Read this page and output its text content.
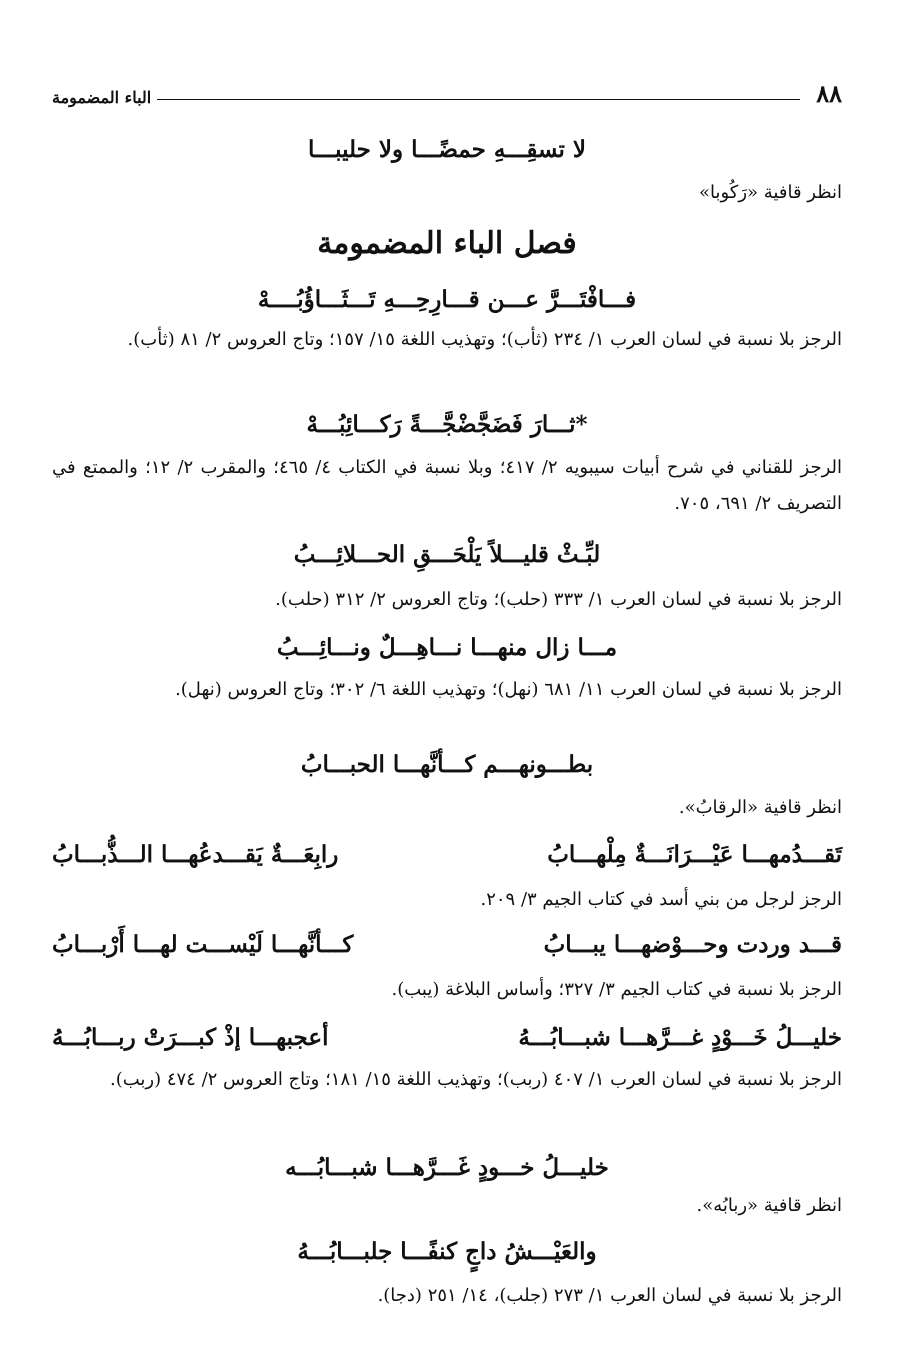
٨٨
الباء المضمومة
لا تسقِـــهِ حمضًـــا ولا حليبـــا
انظر قافية «رَكُوبا»
فصل الباء المضمومة
فـــافْتَـــرَّ عـــن قـــارِحِـــهِ تَـــثَـــاؤُبُــــهْ
الرجز بلا نسبة في لسان العرب ١/ ٢٣٤ (ثأب)؛ وتهذيب اللغة ١٥/ ١٥٧؛ وتاج العروس ٢/ ٨١ (ثأب).
*ثـــارَ فَضَجَّضْجَّـــةً رَكـــائِبُـــهْ
الرجز للقناني في شرح أبيات سيبويه ٢/ ٤١٧؛ وبلا نسبة في الكتاب ٤/ ٤٦٥؛ والمقرب ٢/ ١٢؛ والممتع في التصريف ٢/ ٦٩١، ٧٠٥.
لبِّـثْ قليـــلاً يَلْحَـــقِ الحـــلائِـــبُ
الرجز بلا نسبة في لسان العرب ١/ ٣٣٣ (حلب)؛ وتاج العروس ٢/ ٣١٢ (حلب).
مـــا زال منهـــا نـــاهِـــلٌ ونـــائِـــبُ
الرجز بلا نسبة في لسان العرب ١١/ ٦٨١ (نهل)؛ وتهذيب اللغة ٦/ ٣٠٢؛ وتاج العروس (نهل).
بطـــونهـــم كـــأنَّهـــا الحبـــابُ
انظر قافية «الرقابُ».
تَقـــدُمهـــا عَيْـــرَانَـــةٌ مِلْهـــابُ
رابِعَـــةٌ يَقـــدعُهـــا الـــذُّبـــابُ
الرجز لرجل من بني أسد في كتاب الجيم ٣/ ٢٠٩.
قـــد وردت وحـــوْضهـــا يبـــابُ
كـــأنَّهـــا لَيْســـت لهـــا أَرْبـــابُ
الرجز بلا نسبة في كتاب الجيم ٣/ ٣٢٧؛ وأساس البلاغة (يبب).
خليـــلُ خَـــوْدٍ غـــرَّهـــا شبـــابُـــهُ
أعجبهـــا إذْ كبـــرَتْ ربـــابُـــهُ
الرجز بلا نسبة في لسان العرب ١/ ٤٠٧ (ربب)؛ وتهذيب اللغة ١٥/ ١٨١؛ وتاج العروس ٢/ ٤٧٤ (ربب).
خليـــلُ خـــودٍ غَـــرَّهـــا شبـــابُـــه
انظر قافية «ربابُه».
والعَيْـــشُ داجٍ كنفًـــا جلبـــابُـــهُ
الرجز بلا نسبة في لسان العرب ١/ ٢٧٣ (جلب)، ١٤/ ٢٥١ (دجا).
